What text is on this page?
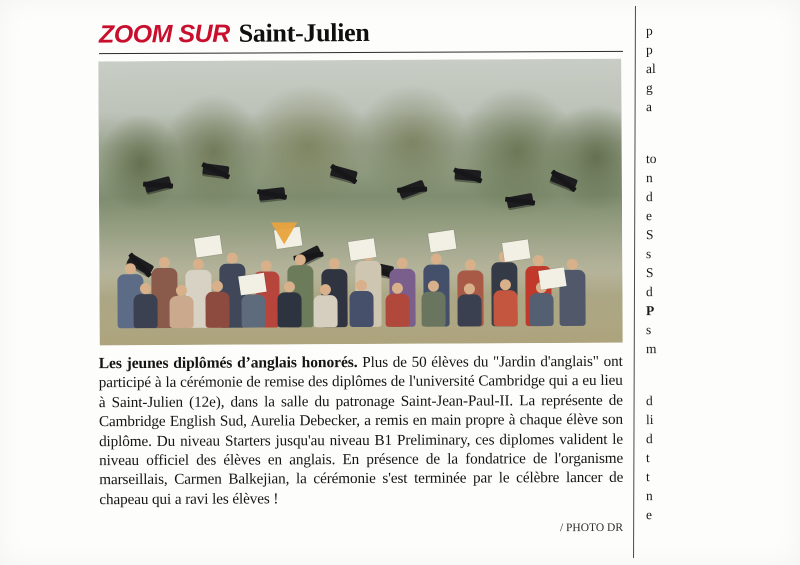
ZOOM SUR Saint-Julien

Les jeunes diplômés d’anglais honorés. Plus de 50 élèves du "Jardin d'anglais" ont participé à la cérémonie de remise des diplômes de l'université Cambridge qui a eu lieu à Saint-Julien (12e), dans la salle du patronage Saint-Jean-Paul-II. La représente de Cambridge English Sud, Aurelia Debecker, a remis en main propre à chaque élève son diplôme. Du niveau Starters jusqu'au niveau B1 Preliminary, ces diplomes valident le niveau officiel des élèves en anglais. En présence de la fondatrice de l'organisme marseillais, Carmen Balkejian, la cérémonie s'est terminée par le célèbre lancer de chapeau qui a ravi les élèves !

/ PHOTO DR
p
p
al
g
a
to
n
d
e
S
s
S
d
P
s
m
d
li
d
t
t
n
e
